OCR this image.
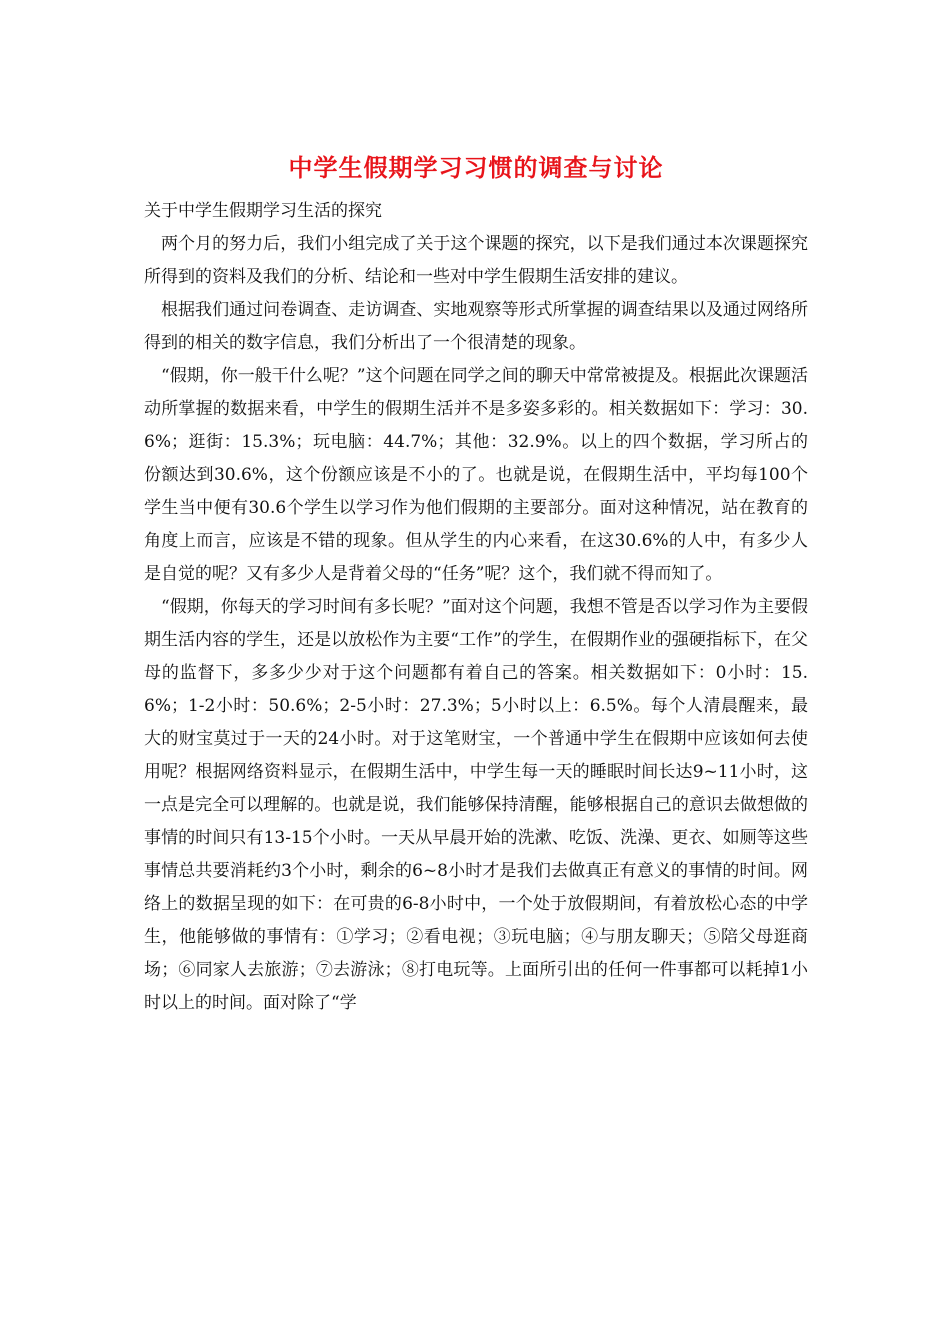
中学生假期学习习惯的调查与讨论
关于中学生假期学习生活的探究

两个月的努力后，我们小组完成了关于这个课题的探究，以下是我们通过本次课题探究所得到的资料及我们的分析、结论和一些对中学生假期生活安排的建议。

根据我们通过问卷调查、走访调查、实地观察等形式所掌握的调查结果以及通过网络所得到的相关的数字信息，我们分析出了一个很清楚的现象。

“假期，你一般干什么呢？”这个问题在同学之间的聊天中常常被提及。根据此次课题活动所掌握的数据来看，中学生的假期生活并不是多姿多彩的。相关数据如下：学习：30.6%；逛街：15.3%；玩电脑：44.7%；其他：32.9%。以上的四个数据，学习所占的份额达到30.6%，这个份额应该是不小的了。也就是说，在假期生活中，平均每100个学生当中便有30.6个学生以学习作为他们假期的主要部分。面对这种情况，站在教育的角度上而言，应该是不错的现象。但从学生的内心来看，在这30.6%的人中，有多少人是自觉的呢？又有多少人是背着父母的“任务”呢？这个，我们就不得而知了。

“假期，你每天的学习时间有多长呢？”面对这个问题，我想不管是否以学习作为主要假期生活内容的学生，还是以放松作为主要“工作”的学生，在假期作业的强硬指标下，在父母的监督下，多多少少对于这个问题都有着自己的答案。相关数据如下：0小时：15.6%；1-2小时：50.6%；2-5小时：27.3%；5小时以上：6.5%。每个人清晨醒来，最大的财宝莫过于一天的24小时。对于这笔财宝，一个普通中学生在假期中应该如何去使用呢？根据网络资料显示，在假期生活中，中学生每一天的睡眠时间长达9~11小时，这一点是完全可以理解的。也就是说，我们能够保持清醒，能够根据自己的意识去做想做的事情的时间只有13-15个小时。一天从早晨开始的洗漱、吃饭、洗澡、更衣、如厕等这些事情总共要消耗约3个小时，剩余的6~8小时才是我们去做真正有意义的事情的时间。网络上的数据呈现的如下：在可贵的6-8小时中，一个处于放假期间，有着放松心态的中学生，他能够做的事情有：①学习；②看电视；③玩电脑；④与朋友聊天；⑤陪父母逛商场；⑥同家人去旅游；⑦去游泳；⑧打电玩等。上面所引出的任何一件事都可以耗掉1小时以上的时间。面对除了“学
